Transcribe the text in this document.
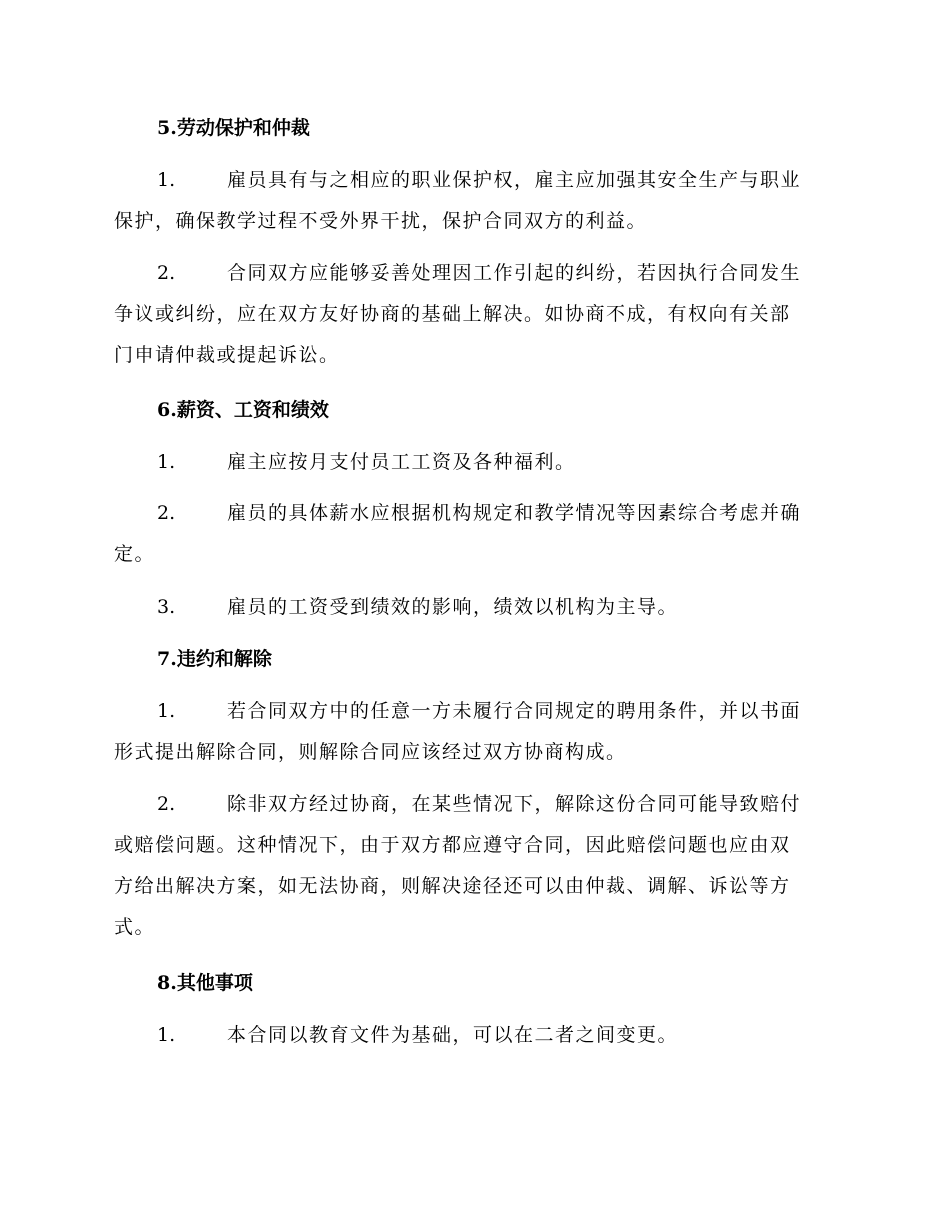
5.劳动保护和仲裁
1.	雇员具有与之相应的职业保护权，雇主应加强其安全生产与职业
保护，确保教学过程不受外界干扰，保护合同双方的利益。
2.	合同双方应能够妥善处理因工作引起的纠纷，若因执行合同发生
争议或纠纷，应在双方友好协商的基础上解决。如协商不成，有权向有关部
门申请仲裁或提起诉讼。
6.薪资、工资和绩效
1.	雇主应按月支付员工工资及各种福利。
2.	雇员的具体薪水应根据机构规定和教学情况等因素综合考虑并确
定。
3.	雇员的工资受到绩效的影响，绩效以机构为主导。
7.违约和解除
1.	若合同双方中的任意一方未履行合同规定的聘用条件，并以书面
形式提出解除合同，则解除合同应该经过双方协商构成。
2.	除非双方经过协商，在某些情况下，解除这份合同可能导致赔付
或赔偿问题。这种情况下，由于双方都应遵守合同，因此赔偿问题也应由双
方给出解决方案，如无法协商，则解决途径还可以由仲裁、调解、诉讼等方
式。
8.其他事项
1.	本合同以教育文件为基础，可以在二者之间变更。
